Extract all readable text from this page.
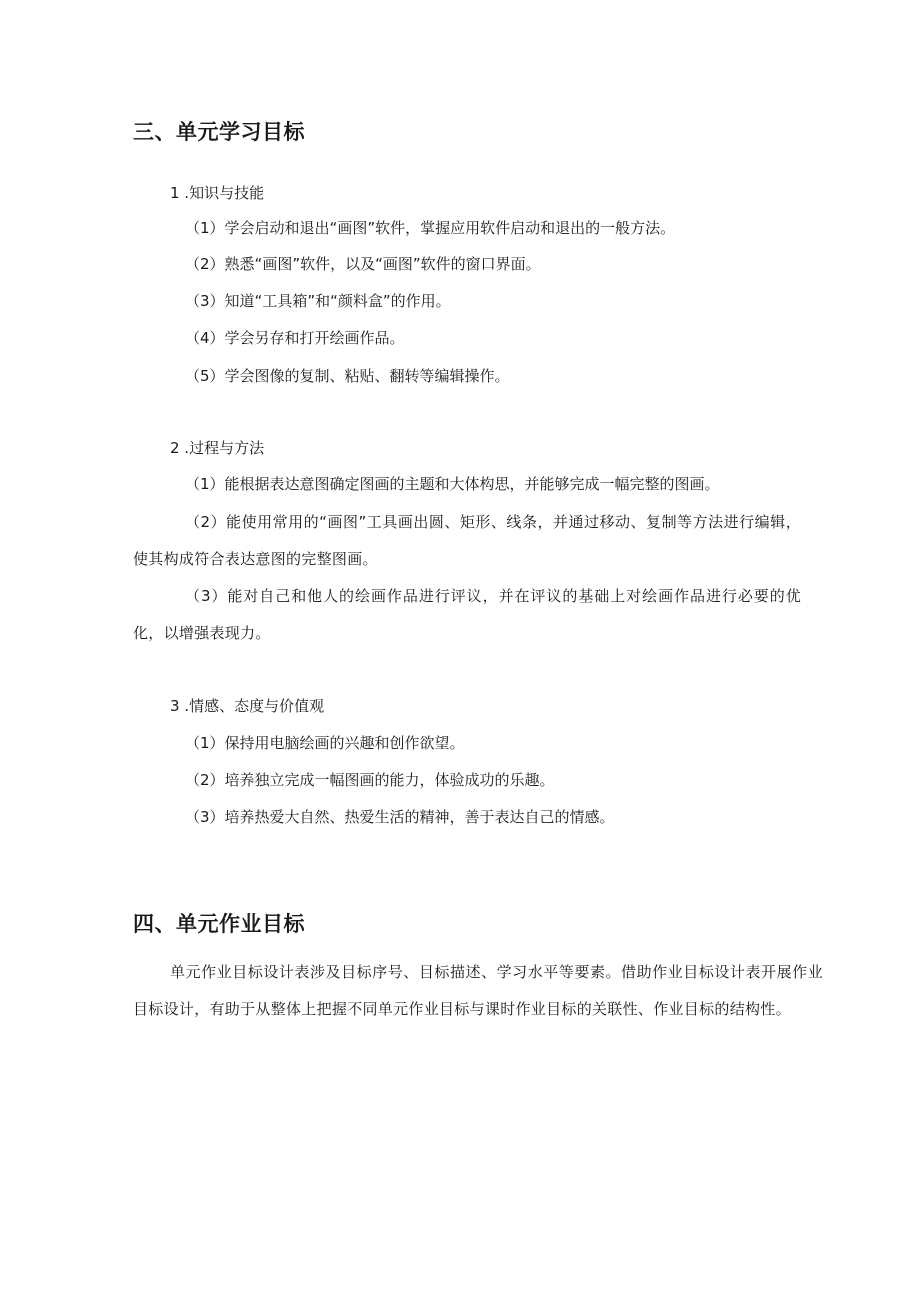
三、单元学习目标
1 .知识与技能
（1）学会启动和退出“画图”软件，掌握应用软件启动和退出的一般方法。
（2）熟悉“画图”软件，以及“画图”软件的窗口界面。
（3）知道“工具箱”和“颜料盒”的作用。
（4）学会另存和打开绘画作品。
（5）学会图像的复制、粘贴、翻转等编辑操作。
2 .过程与方法
（1）能根据表达意图确定图画的主题和大体构思，并能够完成一幅完整的图画。
（2）能使用常用的“画图”工具画出圆、矩形、线条，并通过移动、复制等方法进行编辑，使其构成符合表达意图的完整图画。
（3）能对自己和他人的绘画作品进行评议，并在评议的基础上对绘画作品进行必要的优化，以增强表现力。
3 .情感、态度与价值观
（1）保持用电脑绘画的兴趣和创作欲望。
（2）培养独立完成一幅图画的能力，体验成功的乐趣。
（3）培养热爱大自然、热爱生活的精神，善于表达自己的情感。
四、单元作业目标
单元作业目标设计表涉及目标序号、目标描述、学习水平等要素。借助作业目标设计表开展作业目标设计，有助于从整体上把握不同单元作业目标与课时作业目标的关联性、作业目标的结构性。
